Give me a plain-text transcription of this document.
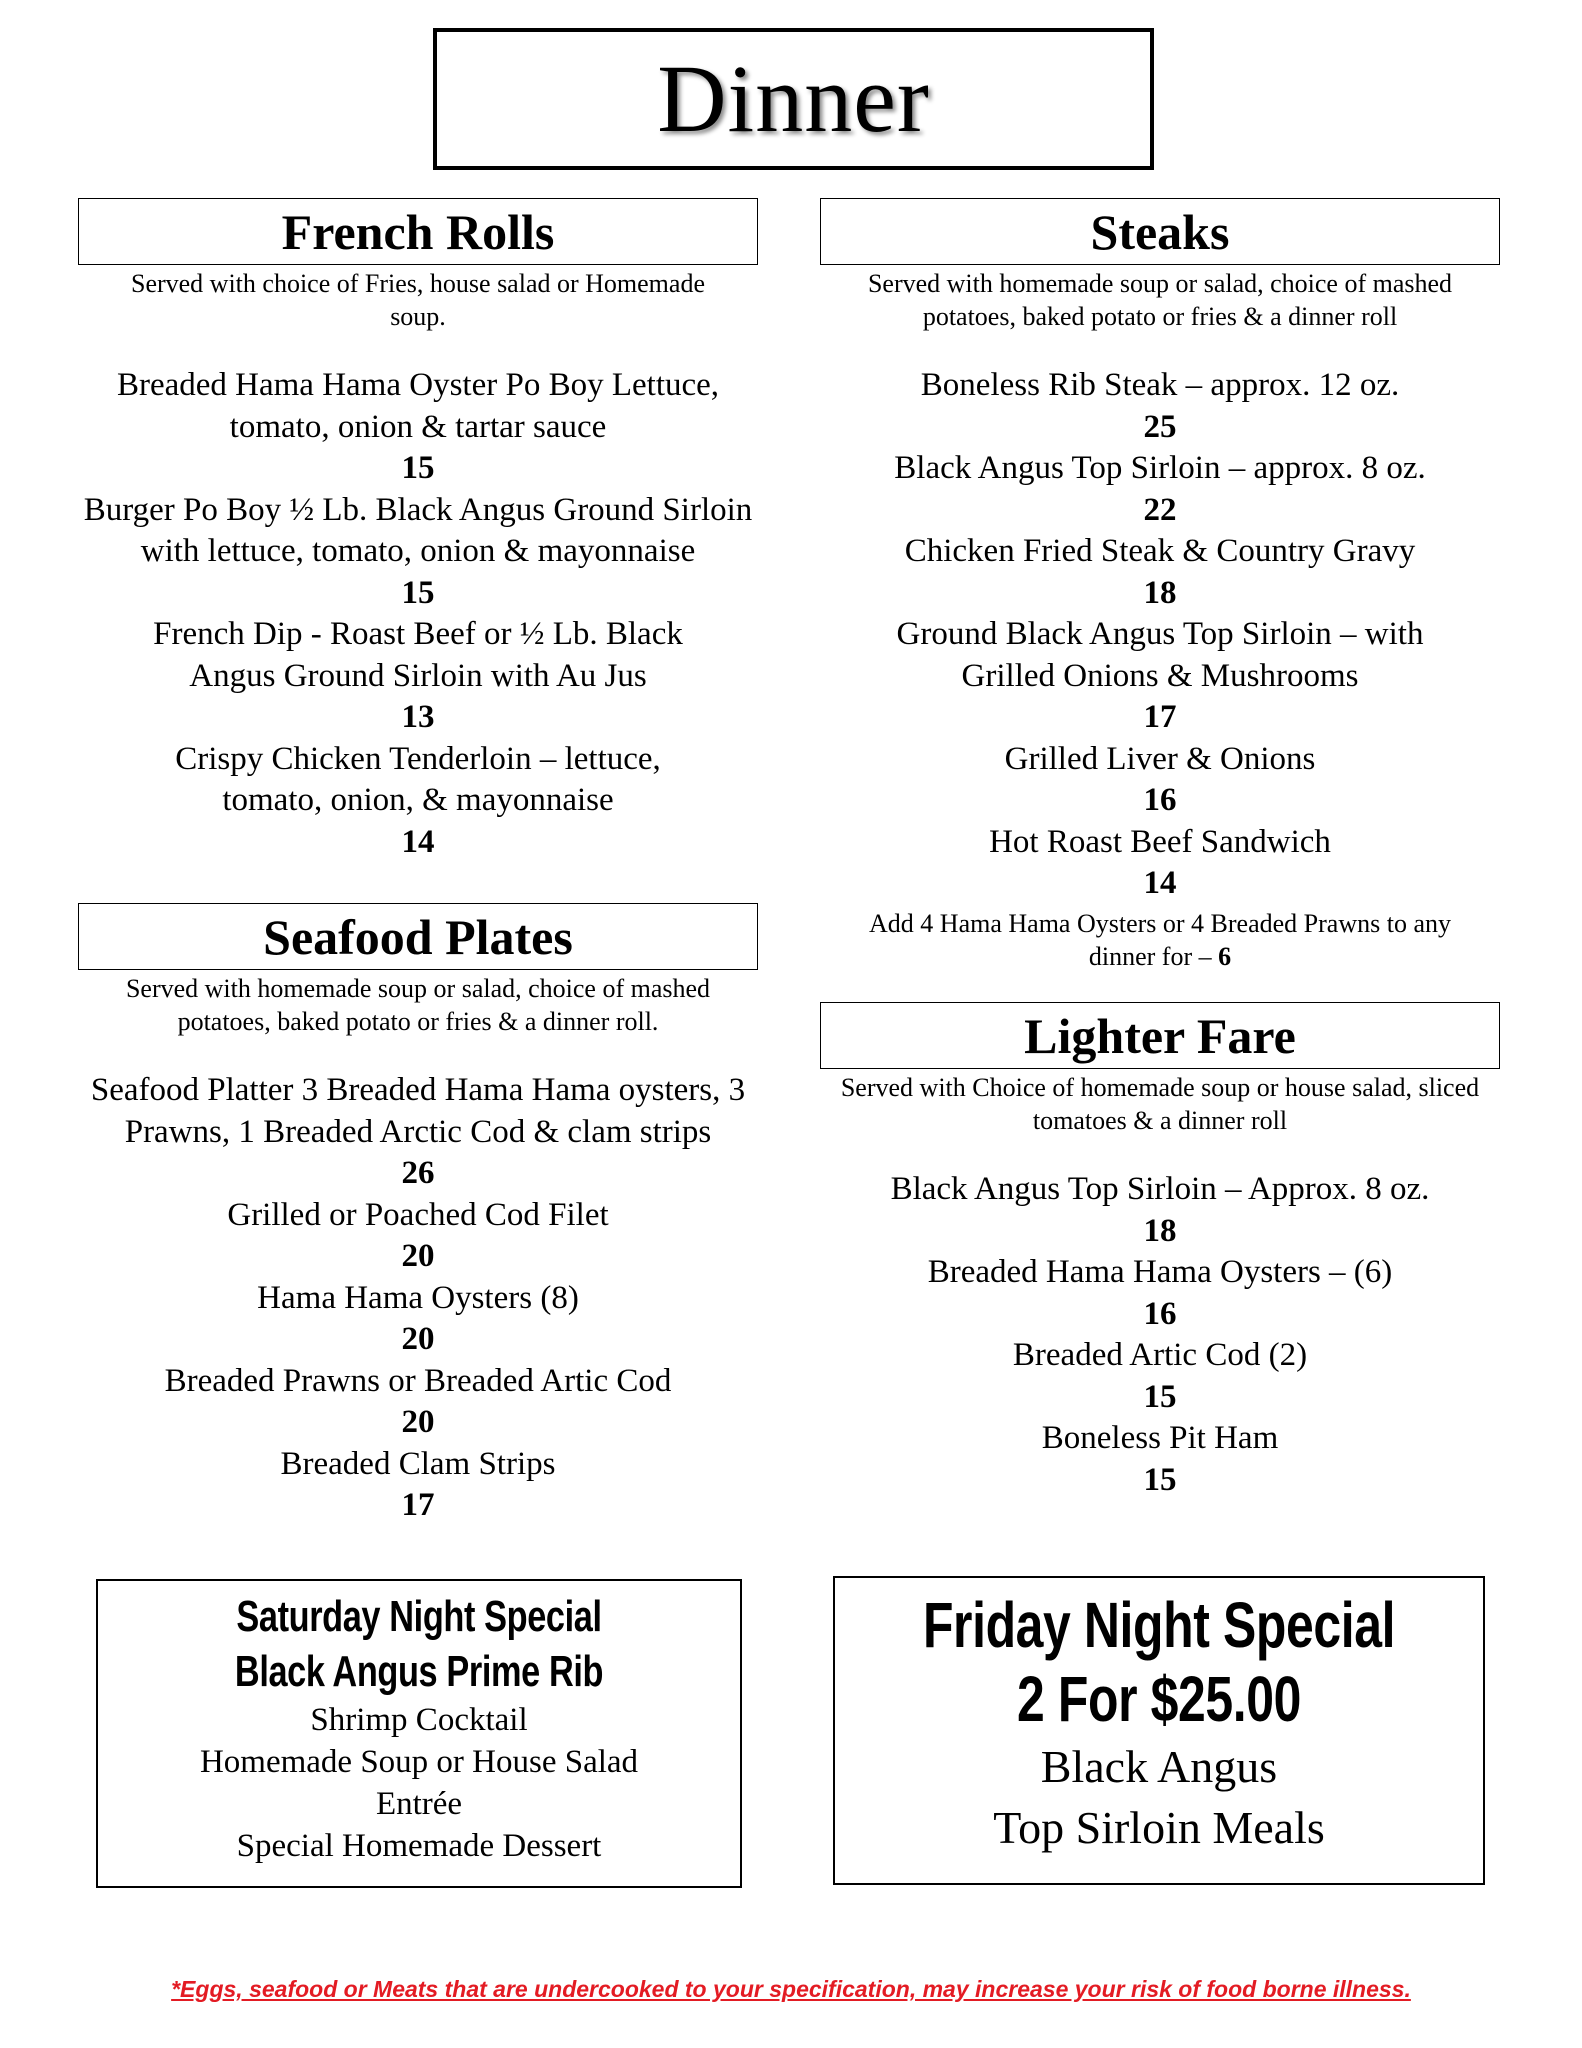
Dinner
French Rolls
Served with choice of Fries, house salad or Homemade soup.
Breaded Hama Hama Oyster Po Boy Lettuce, tomato, onion & tartar sauce
15
Burger Po Boy ½ Lb. Black Angus Ground Sirloin with lettuce, tomato, onion & mayonnaise
15
French Dip - Roast Beef or ½ Lb. Black Angus Ground Sirloin with Au Jus
13
Crispy Chicken Tenderloin – lettuce, tomato, onion, & mayonnaise
14
Seafood Plates
Served with homemade soup or salad, choice of mashed potatoes, baked potato or fries & a dinner roll.
Seafood Platter 3 Breaded Hama Hama oysters, 3 Prawns, 1 Breaded Arctic Cod & clam strips
26
Grilled or Poached Cod Filet
20
Hama Hama Oysters (8)
20
Breaded Prawns or Breaded Artic Cod
20
Breaded Clam Strips
17
Steaks
Served with homemade soup or salad, choice of mashed potatoes, baked potato or fries & a dinner roll
Boneless Rib Steak – approx. 12 oz.
25
Black Angus Top Sirloin – approx. 8 oz.
22
Chicken Fried Steak & Country Gravy
18
Ground Black Angus Top Sirloin – with Grilled Onions & Mushrooms
17
Grilled Liver & Onions
16
Hot Roast Beef Sandwich
14
Add 4 Hama Hama Oysters or 4 Breaded Prawns to any dinner for – 6
Lighter Fare
Served with Choice of homemade soup or house salad, sliced tomatoes & a dinner roll
Black Angus Top Sirloin – Approx. 8 oz.
18
Breaded Hama Hama Oysters – (6)
16
Breaded Artic Cod (2)
15
Boneless Pit Ham
15
Saturday Night Special
Black Angus Prime Rib
Shrimp Cocktail
Homemade Soup or House Salad
Entrée
Special Homemade Dessert
Friday Night Special
2 For $25.00
Black Angus
Top Sirloin Meals
*Eggs, seafood or Meats that are undercooked to your specification, may increase your risk of food borne illness.
